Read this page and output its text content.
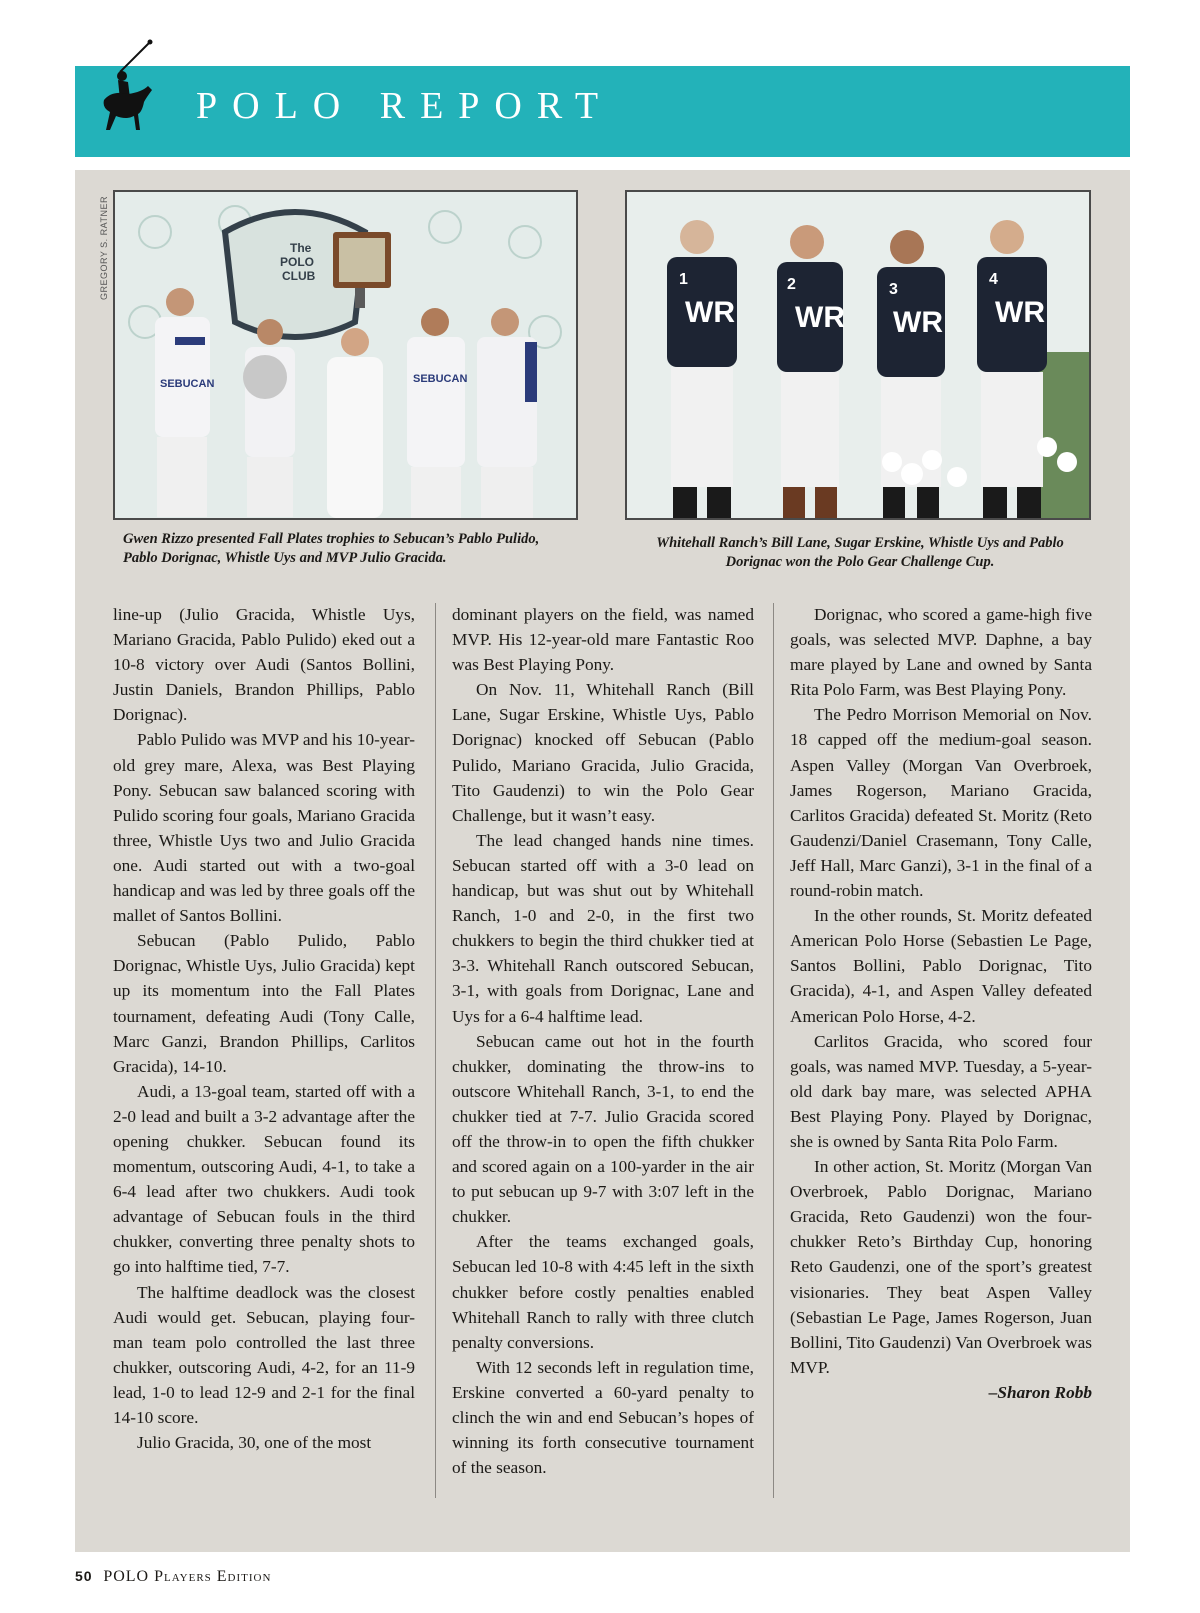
POLO REPORT
GREGORY S. RATNER	The
POLO
CLUB
SEBUCAN	SEBUCAN
1	2	3
4
WR WR WR WR
Gwen Rizzo presented Fall Plates trophies to Sebucan’s Pablo Pulido, Pablo Dorignac, Whistle Uys and MVP Julio Gracida.
Whitehall Ranch’s Bill Lane, Sugar Erskine, Whistle Uys and Pablo Dorignac won the Polo Gear Challenge Cup.

line-up (Julio Gracida, Whistle Uys, Mariano Gracida, Pablo Pulido) eked out a 10-8 victory over Audi (Santos Bollini, Justin Daniels, Brandon Phillips, Pablo Dorignac).

Pablo Pulido was MVP and his 10-year-old grey mare, Alexa, was Best Playing Pony. Sebucan saw balanced scoring with Pulido scoring four goals, Mariano Gracida three, Whistle Uys two and Julio Gracida one. Audi started out with a two-goal handicap and was led by three goals off the mallet of Santos Bollini.

Sebucan (Pablo Pulido, Pablo Dorignac, Whistle Uys, Julio Gracida) kept up its momentum into the Fall Plates tournament, defeating Audi (Tony Calle, Marc Ganzi, Brandon Phillips, Carlitos Gracida), 14-10.

Audi, a 13-goal team, started off with a 2-0 lead and built a 3-2 advantage after the opening chukker. Sebucan found its momentum, outscoring Audi, 4-1, to take a 6-4 lead after two chukkers. Audi took advantage of Sebucan fouls in the third chukker, converting three penalty shots to go into halftime tied, 7-7.

The halftime deadlock was the closest Audi would get. Sebucan, playing four-man team polo controlled the last three chukker, outscoring Audi, 4-2, for an 11-9 lead, 1-0 to lead 12-9 and 2-1 for the final 14-10 score.

Julio Gracida, 30, one of the most

dominant players on the field, was named MVP. His 12-year-old mare Fantastic Roo was Best Playing Pony.

On Nov. 11, Whitehall Ranch (Bill Lane, Sugar Erskine, Whistle Uys, Pablo Dorignac) knocked off Sebucan (Pablo Pulido, Mariano Gracida, Julio Gracida, Tito Gaudenzi) to win the Polo Gear Challenge, but it wasn’t easy.

The lead changed hands nine times. Sebucan started off with a 3-0 lead on handicap, but was shut out by Whitehall Ranch, 1-0 and 2-0, in the first two chukkers to begin the third chukker tied at 3-3. Whitehall Ranch outscored Sebucan, 3-1, with goals from Dorignac, Lane and Uys for a 6-4 halftime lead.

Sebucan came out hot in the fourth chukker, dominating the throw-ins to outscore Whitehall Ranch, 3-1, to end the chukker tied at 7-7. Julio Gracida scored off the throw-in to open the fifth chukker and scored again on a 100-yarder in the air to put sebucan up 9-7 with 3:07 left in the chukker.

After the teams exchanged goals, Sebucan led 10-8 with 4:45 left in the sixth chukker before costly penalties enabled Whitehall Ranch to rally with three clutch penalty conversions.

With 12 seconds left in regulation time, Erskine converted a 60-yard penalty to clinch the win and end Sebucan’s hopes of winning its forth consecutive tournament of the season.

Dorignac, who scored a game-high five goals, was selected MVP. Daphne, a bay mare played by Lane and owned by Santa Rita Polo Farm, was Best Playing Pony.

The Pedro Morrison Memorial on Nov. 18 capped off the medium-goal season. Aspen Valley (Morgan Van Overbroek, James Rogerson, Mariano Gracida, Carlitos Gracida) defeated St. Moritz (Reto Gaudenzi/Daniel Crasemann, Tony Calle, Jeff Hall, Marc Ganzi), 3-1 in the final of a round-robin match.

In the other rounds, St. Moritz defeated American Polo Horse (Sebastien Le Page, Santos Bollini, Pablo Dorignac, Tito Gracida), 4-1, and Aspen Valley defeated American Polo Horse, 4-2.

Carlitos Gracida, who scored four goals, was named MVP. Tuesday, a 5-year-old dark bay mare, was selected APHA Best Playing Pony. Played by Dorignac, she is owned by Santa Rita Polo Farm.

In other action, St. Moritz (Morgan Van Overbroek, Pablo Dorignac, Mariano Gracida, Reto Gaudenzi) won the four-chukker Reto’s Birthday Cup, honoring Reto Gaudenzi, one of the sport’s greatest visionaries. They beat Aspen Valley (Sebastian Le Page, James Rogerson, Juan Bollini, Tito Gaudenzi) Van Overbroek was MVP.

–Sharon Robb

50 POLO Players Edition
